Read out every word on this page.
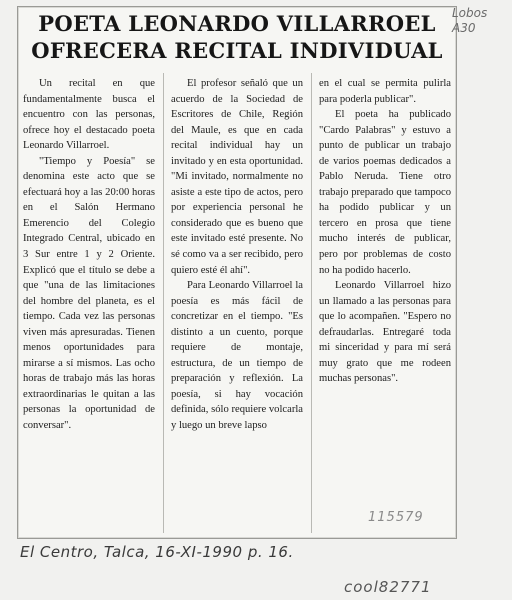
POETA LEONARDO VILLARROEL OFRECERA RECITAL INDIVIDUAL

Un recital en que fundamentalmente busca el encuentro con las personas, ofrece hoy el destacado poeta Leonardo Villarroel.

"Tiempo y Poesía" se denomina este acto que se efectuará hoy a las 20:00 horas en el Salón Hermano Emerencio del Colegio Integrado Central, ubicado en 3 Sur entre 1 y 2 Oriente. Explicó que el título se debe a que "una de las limitaciones del hombre del planeta, es el tiempo. Cada vez las personas viven más apresuradas. Tienen menos oportunidades para mirarse a sí mismos. Las ocho horas de trabajo más las horas extraordinarias le quitan a las personas la oportunidad de conversar".

El profesor señaló que un acuerdo de la Sociedad de Escritores de Chile, Región del Maule, es que en cada recital individual hay un invitado y en esta oportunidad. "Mi invitado, normalmente no asiste a este tipo de actos, pero por experiencia personal he considerado que es bueno que este invitado esté presente. No sé como va a ser recibido, pero quiero esté él ahí".

Para Leonardo Villarroel la poesía es más fácil de concretizar en el tiempo. "Es distinto a un cuento, porque requiere de montaje, estructura, de un tiempo de preparación y reflexión. La poesía, si hay vocación definida, sólo requiere volcarla y luego un breve lapso

en el cual se permita pulirla para poderla publicar".

El poeta ha publicado "Cardo Palabras" y estuvo a punto de publicar un trabajo de varios poemas dedicados a Pablo Neruda. Tiene otro trabajo preparado que tampoco ha podido publicar y un tercero en prosa que tiene mucho interés de publicar, pero por problemas de costo no ha podido hacerlo.

Leonardo Villarroel hizo un llamado a las personas para que lo acompañen. "Espero no defraudarlas. Entregaré toda mi sinceridad y para mí será muy grato que me rodeen muchas personas".

115579
Lobos
A30
El Centro, Talca, 16-XI-1990 p. 16.
cool82771
